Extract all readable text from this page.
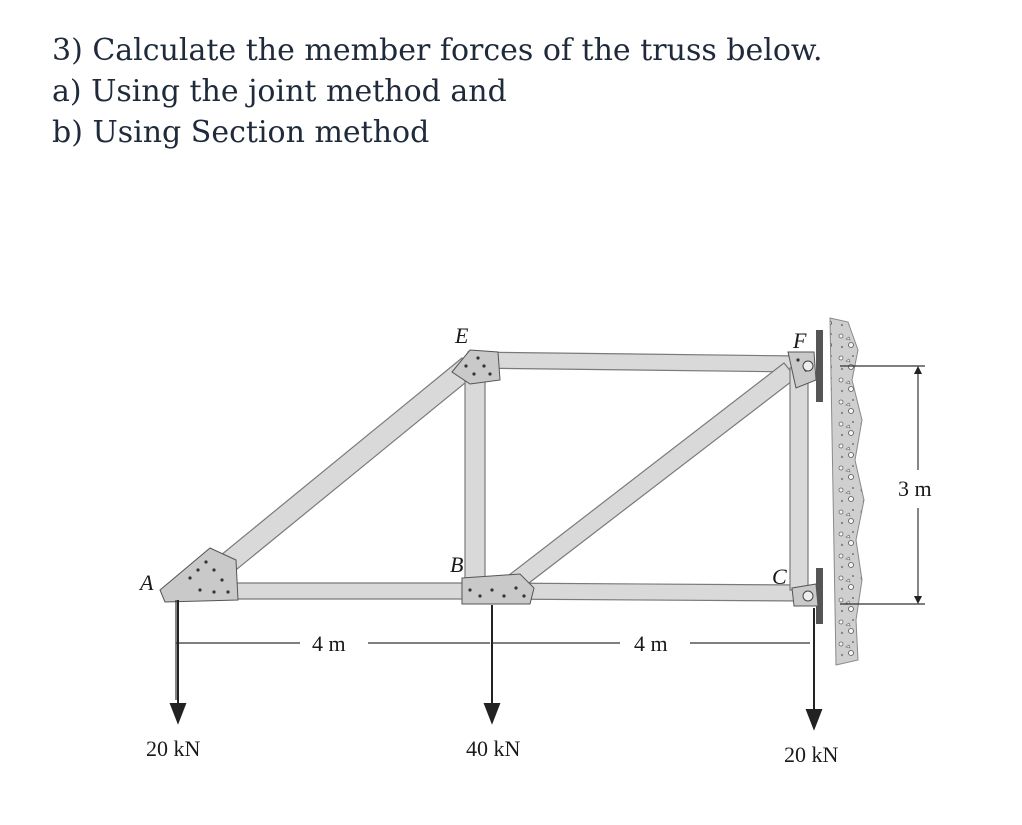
3) Calculate the member forces of the truss below.
a) Using the joint method and
b) Using Section method
A
E
B	C
F
4 m	4 m
3 m
20 kN	40 kN	20 kN
